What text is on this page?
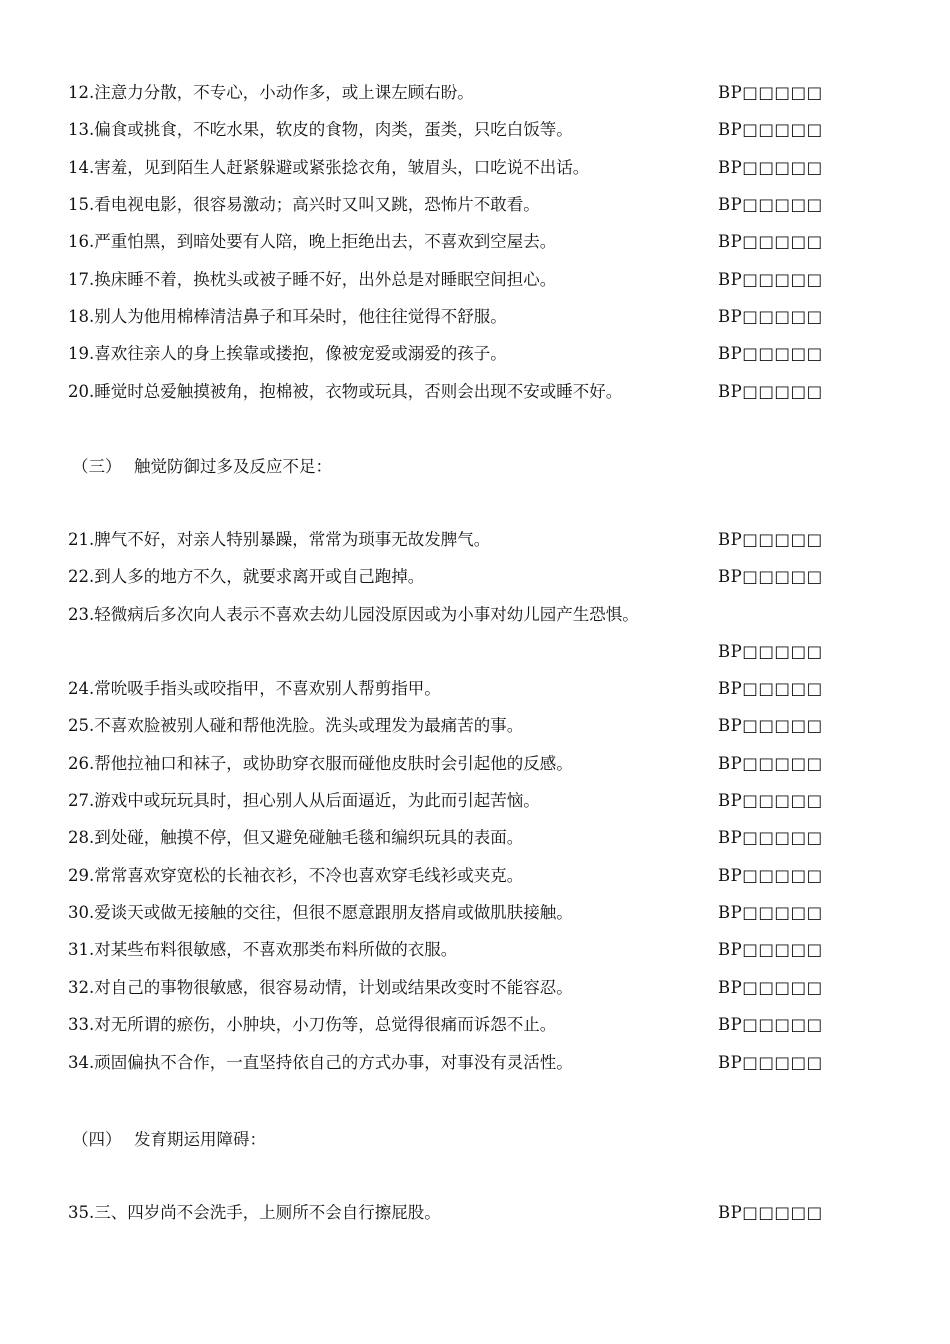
（三） 触觉防御过多及反应不足：
23.轻微病后多次向人表示不喜欢去幼儿园没原因或为小事对幼儿园产生恐惧。
BP□□□□□
（四） 发育期运用障碍：
12.注意力分散，不专心，小动作多，或上课左顾右盼。	BP□□□□□
13.偏食或挑食，不吃水果，软皮的食物，肉类，蛋类，只吃白饭等。	BP□□□□□
14.害羞，见到陌生人赶紧躲避或紧张捻衣角，皱眉头，口吃说不出话。	BP□□□□□
15.看电视电影，很容易激动；高兴时又叫又跳，恐怖片不敢看。	BP□□□□□
16.严重怕黑，到暗处要有人陪，晚上拒绝出去，不喜欢到空屋去。	BP□□□□□
17.换床睡不着，换枕头或被子睡不好，出外总是对睡眠空间担心。	BP□□□□□
18.别人为他用棉棒清洁鼻子和耳朵时，他往往觉得不舒服。	BP□□□□□
19.喜欢往亲人的身上挨靠或搂抱，像被宠爱或溺爱的孩子。	BP□□□□□
20.睡觉时总爱触摸被角，抱棉被，衣物或玩具，否则会出现不安或睡不好。	BP□□□□□
21.脾气不好，对亲人特别暴躁，常常为琐事无故发脾气。	BP□□□□□
22.到人多的地方不久，就要求离开或自己跑掉。	BP□□□□□
24.常吮吸手指头或咬指甲，不喜欢别人帮剪指甲。	BP□□□□□
25.不喜欢脸被别人碰和帮他洗脸。洗头或理发为最痛苦的事。	BP□□□□□
26.帮他拉袖口和袜子，或协助穿衣服而碰他皮肤时会引起他的反感。	BP□□□□□
27.游戏中或玩玩具时，担心别人从后面逼近，为此而引起苦恼。	BP□□□□□
28.到处碰，触摸不停，但又避免碰触毛毯和编织玩具的表面。	BP□□□□□
29.常常喜欢穿宽松的长袖衣衫，不冷也喜欢穿毛线衫或夹克。	BP□□□□□
30.爱谈天或做无接触的交往，但很不愿意跟朋友搭肩或做肌肤接触。	BP□□□□□
31.对某些布料很敏感，不喜欢那类布料所做的衣服。	BP□□□□□
32.对自己的事物很敏感，很容易动情，计划或结果改变时不能容忍。	BP□□□□□
33.对无所谓的瘀伤，小肿块，小刀伤等，总觉得很痛而诉怨不止。	BP□□□□□
34.顽固偏执不合作，一直坚持依自己的方式办事，对事没有灵活性。	BP□□□□□
35.三、四岁尚不会洗手，上厕所不会自行擦屁股。	BP□□□□□
